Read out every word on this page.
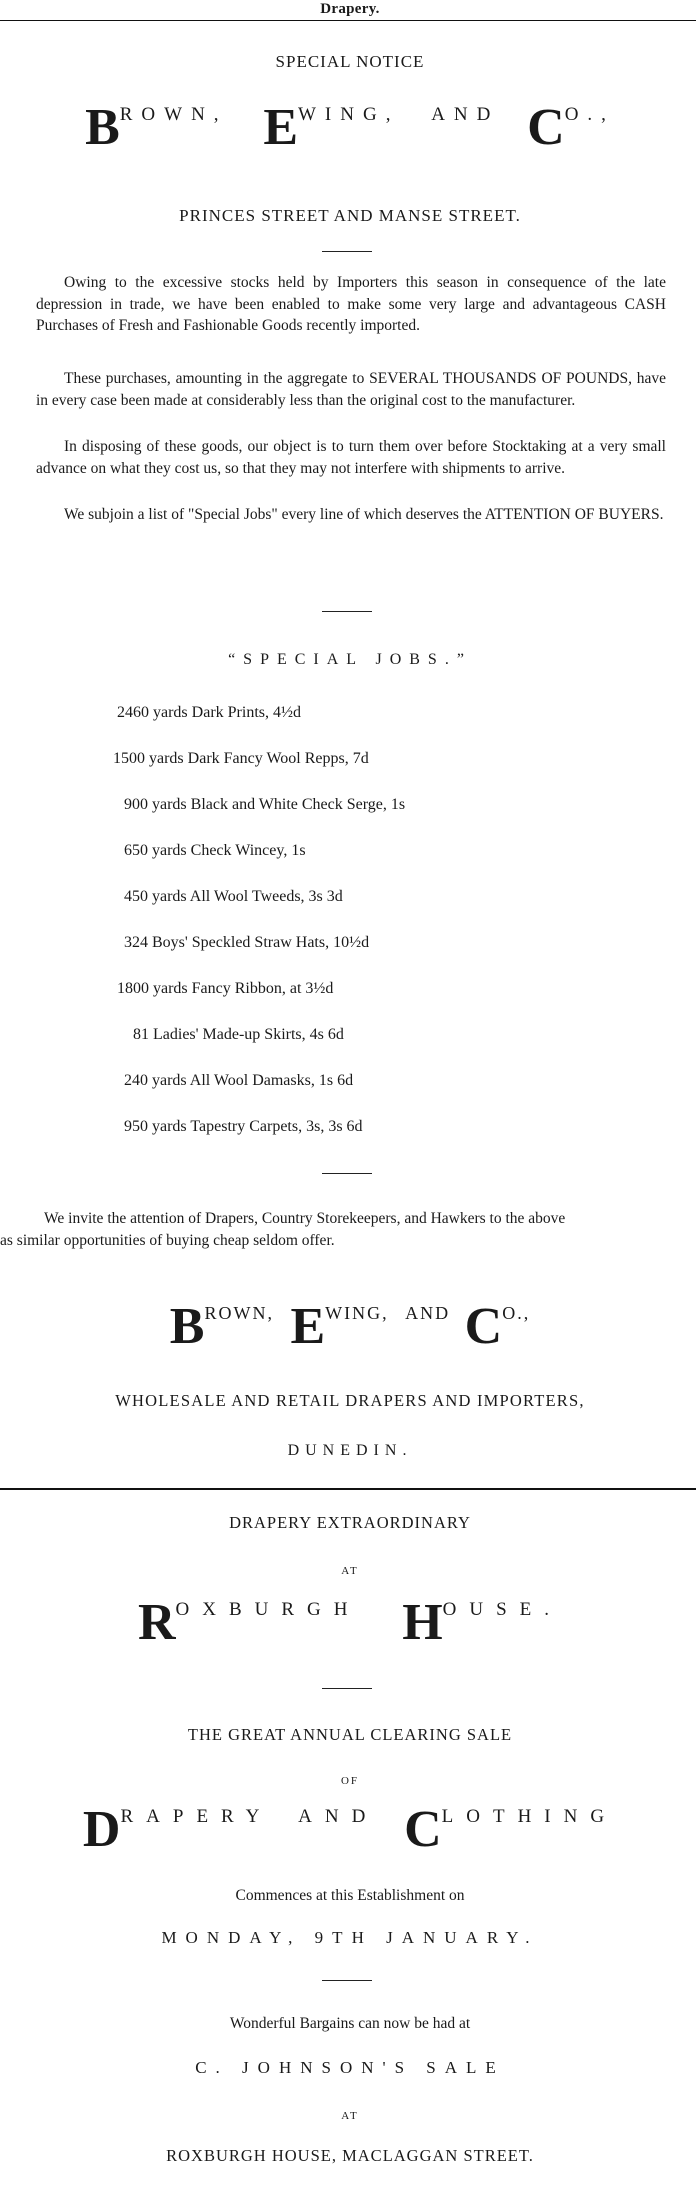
Drapery.
SPECIAL NOTICE
BROWN, EWING, AND CO.,
PRINCES STREET AND MANSE STREET.

Owing to the excessive stocks held by Importers this season in consequence of the late depression in trade, we have been enabled to make some very large and advantageous CASH Purchases of Fresh and Fashionable Goods recently imported.

These purchases, amounting in the aggregate to SEVERAL THOUSANDS OF POUNDS, have in every case been made at considerably less than the original cost to the manufacturer.

In disposing of these goods, our object is to turn them over before Stocktaking at a very small advance on what they cost us, so that they may not interfere with shipments to arrive.

We subjoin a list of "Special Jobs" every line of which deserves the ATTENTION OF BUYERS.

“SPECIAL JOBS.”
2460 yards Dark Prints, 4½d
1500 yards Dark Fancy Wool Repps, 7d
900 yards Black and White Check Serge, 1s
650 yards Check Wincey, 1s
450 yards All Wool Tweeds, 3s 3d
324 Boys' Speckled Straw Hats, 10½d
1800 yards Fancy Ribbon, at 3½d
81 Ladies' Made-up Skirts, 4s 6d
240 yards All Wool Damasks, 1s 6d
950 yards Tapestry Carpets, 3s, 3s 6d
We invite the attention of Drapers, Country Storekeepers, and Hawkers to the above
as similar opportunities of buying cheap seldom offer.
BROWN, EWING, AND CO.,
WHOLESALE AND RETAIL DRAPERS AND IMPORTERS,
DUNEDIN.
DRAPERY EXTRAORDINARY
AT
ROXBURGH HOUSE.
THE GREAT ANNUAL CLEARING SALE
OF
DRAPERY AND CLOTHING
Commences at this Establishment on
MONDAY, 9TH JANUARY.
Wonderful Bargains can now be had at
C. JOHNSON'S SALE
AT
ROXBURGH HOUSE, MACLAGGAN STREET.
